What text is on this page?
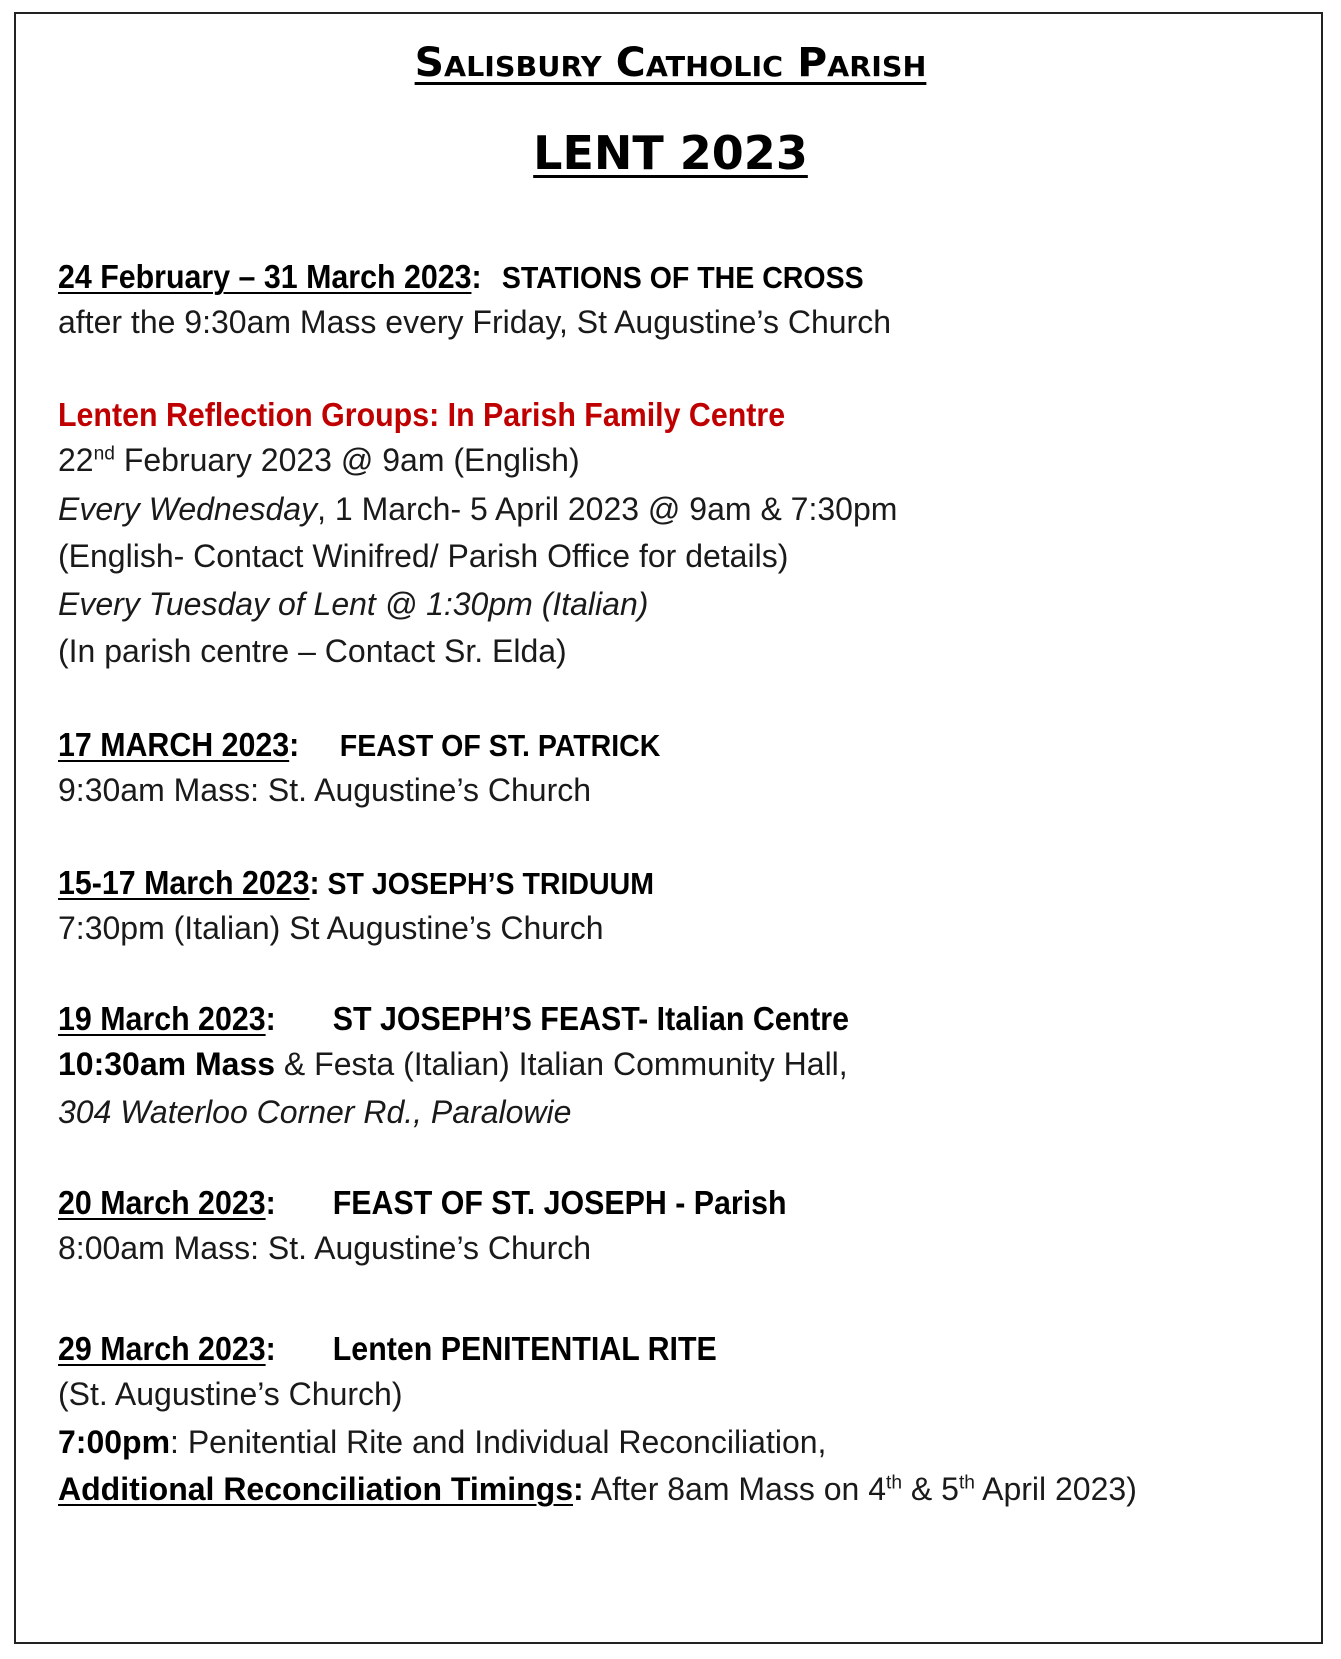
Salisbury Catholic Parish
LENT 2023
24 February – 31 March 2023: STATIONS OF THE CROSS
after the 9:30am Mass every Friday, St Augustine’s Church
Lenten Reflection Groups: In Parish Family Centre
22nd February 2023 @ 9am (English)
Every Wednesday, 1 March- 5 April 2023 @ 9am & 7:30pm
(English- Contact Winifred/ Parish Office for details)
Every Tuesday of Lent @ 1:30pm (Italian)
(In parish centre – Contact Sr. Elda)
17 MARCH 2023: FEAST OF ST. PATRICK
9:30am Mass: St. Augustine’s Church
15-17 March 2023: ST JOSEPH’S TRIDUUM
7:30pm (Italian) St Augustine’s Church
19 March 2023: ST JOSEPH’S FEAST- Italian Centre
10:30am Mass & Festa (Italian) Italian Community Hall,
304 Waterloo Corner Rd., Paralowie
20 March 2023: FEAST OF ST. JOSEPH - Parish
8:00am Mass: St. Augustine’s Church
29 March 2023: Lenten PENITENTIAL RITE
(St. Augustine’s Church)
7:00pm: Penitential Rite and Individual Reconciliation,
Additional Reconciliation Timings: After 8am Mass on 4th & 5th April 2023)
